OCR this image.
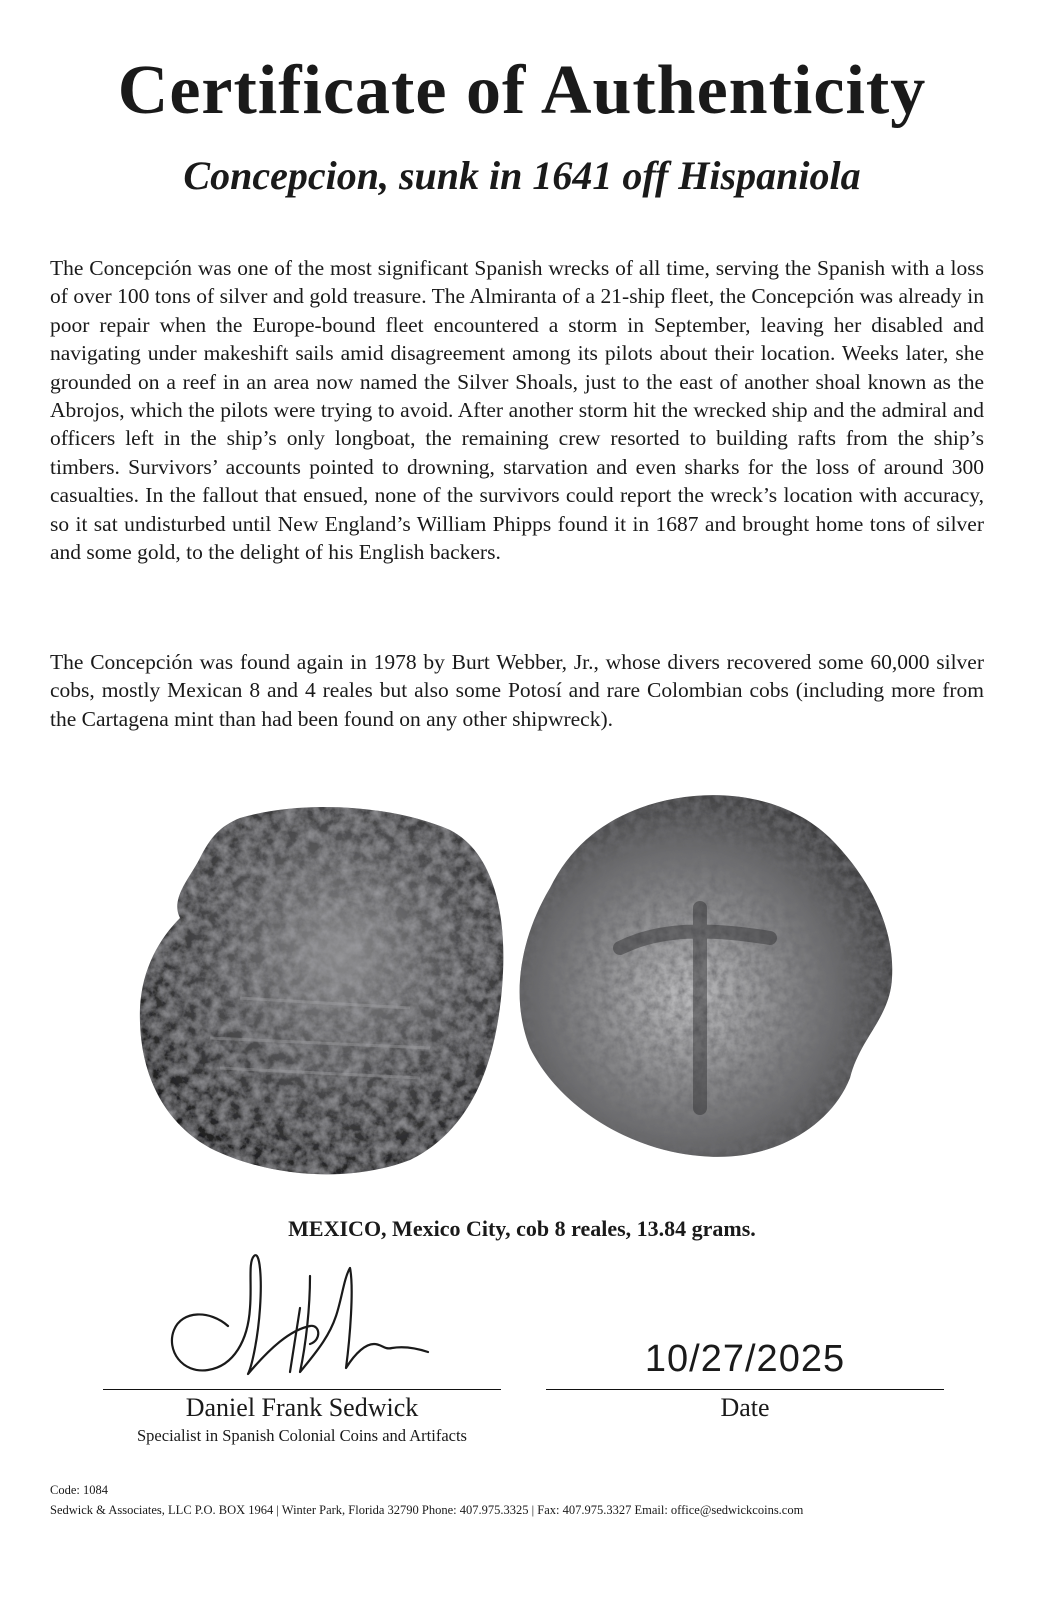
Certificate of Authenticity
Concepcion, sunk in 1641 off Hispaniola

The Concepción was one of the most significant Spanish wrecks of all time, serving the Spanish with a loss of over 100 tons of silver and gold treasure. The Almiranta of a 21-ship fleet, the Concepción was already in poor repair when the Europe-bound fleet encountered a storm in September, leaving her disabled and navigating under makeshift sails amid disagreement among its pilots about their location. Weeks later, she grounded on a reef in an area now named the Silver Shoals, just to the east of another shoal known as the Abrojos, which the pilots were trying to avoid. After another storm hit the wrecked ship and the admiral and officers left in the ship’s only longboat, the remaining crew resorted to building rafts from the ship’s timbers. Survivors’ accounts pointed to drowning, starvation and even sharks for the loss of around 300 casualties. In the fallout that ensued, none of the survivors could report the wreck’s location with accuracy, so it sat undisturbed until New England’s William Phipps found it in 1687 and brought home tons of silver and some gold, to the delight of his English backers.

The Concepción was found again in 1978 by Burt Webber, Jr., whose divers recovered some 60,000 silver cobs, mostly Mexican 8 and 4 reales but also some Potosí and rare Colombian cobs (including more from the Cartagena mint than had been found on any other shipwreck).

MEXICO, Mexico City, cob 8 reales, 13.84 grams.

10/27/2025
Daniel Frank Sedwick
Specialist in Spanish Colonial Coins and Artifacts
Date
Code: 1084
Sedwick & Associates, LLC P.O. BOX 1964 | Winter Park, Florida 32790 Phone: 407.975.3325 | Fax: 407.975.3327 Email: office@sedwickcoins.com
